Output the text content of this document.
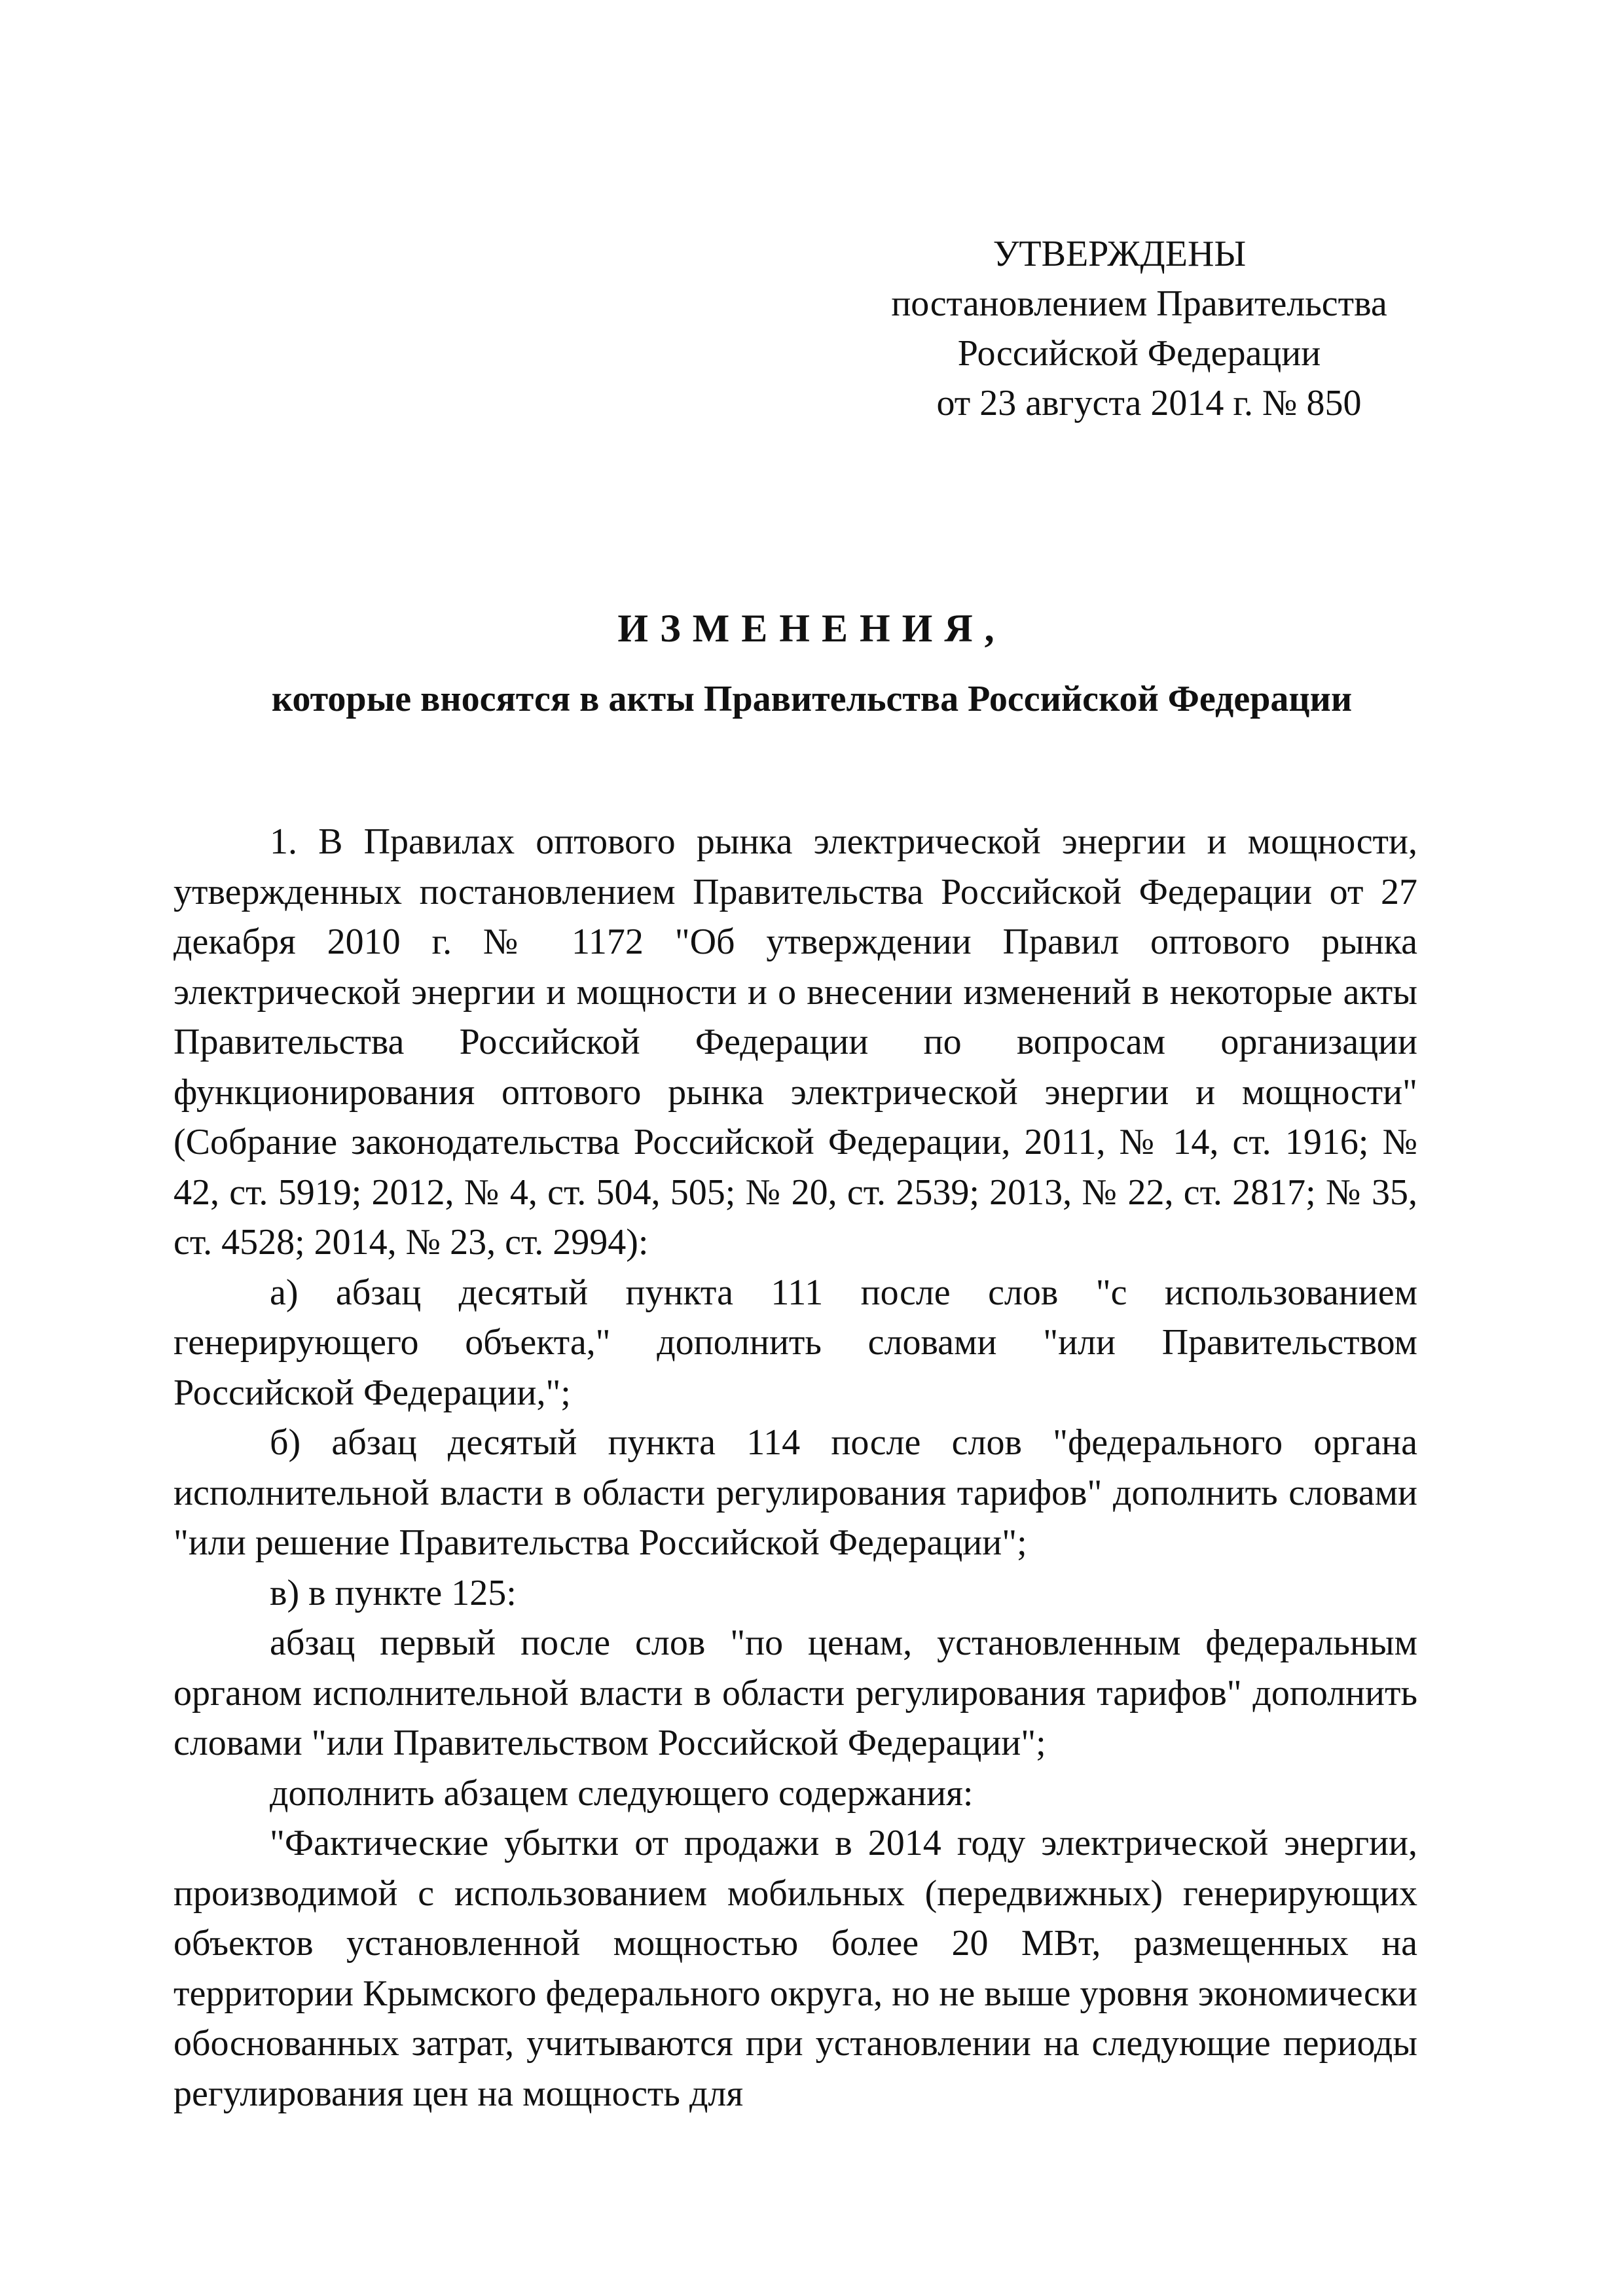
УТВЕРЖДЕНЫ
постановлением Правительства
Российской Федерации
от 23 августа 2014 г. № 850
ИЗМЕНЕНИЯ,
которые вносятся в акты Правительства Российской Федерации

1. В Правилах оптового рынка электрической энергии и мощности, утвержденных постановлением Правительства Российской Федерации от 27 декабря 2010 г. № 1172 "Об утверждении Правил оптового рынка электрической энергии и мощности и о внесении изменений в некоторые акты Правительства Российской Федерации по вопросам организации функционирования оптового рынка электрической энергии и мощности" (Собрание законодательства Российской Федерации, 2011, № 14, ст. 1916; № 42, ст. 5919; 2012, № 4, ст. 504, 505; № 20, ст. 2539; 2013, № 22, ст. 2817; № 35, ст. 4528; 2014, № 23, ст. 2994):

а) абзац десятый пункта 111 после слов "с использованием генерирующего объекта," дополнить словами "или Правительством Российской Федерации,";

б) абзац десятый пункта 114 после слов "федерального органа исполнительной власти в области регулирования тарифов" дополнить словами "или решение Правительства Российской Федерации";

в) в пункте 125:

абзац первый после слов "по ценам, установленным федеральным органом исполнительной власти в области регулирования тарифов" дополнить словами "или Правительством Российской Федерации";

дополнить абзацем следующего содержания:

"Фактические убытки от продажи в 2014 году электрической энергии, производимой с использованием мобильных (передвижных) генерирующих объектов установленной мощностью более 20 МВт, размещенных на территории Крымского федерального округа, но не выше уровня экономически обоснованных затрат, учитываются при установлении на следующие периоды регулирования цен на мощность для
